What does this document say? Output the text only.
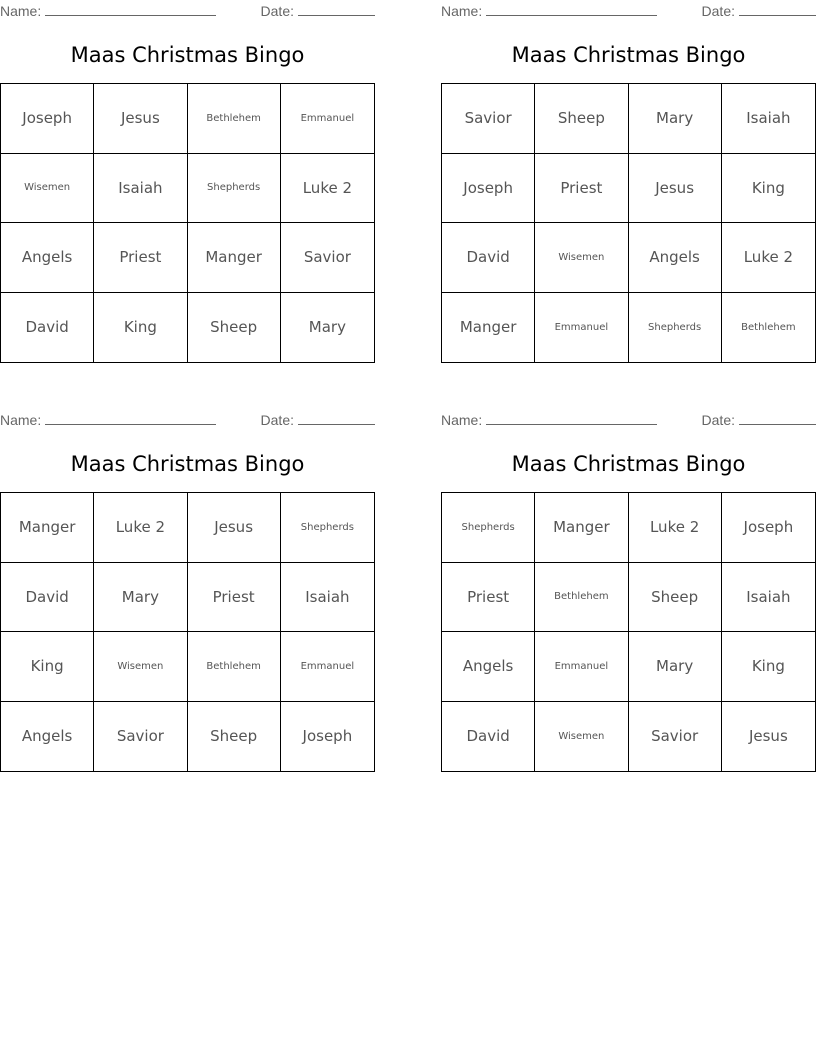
Name:	Date:
Maas Christmas Bingo
Joseph	Jesus	Bethlehem	Emmanuel
Wisemen	Isaiah	Shepherds	Luke 2
Angels	Priest	Manger	Savior
David	King	Sheep	Mary
Name:	Date:
Maas Christmas Bingo
Savior	Sheep	Mary	Isaiah
Joseph	Priest	Jesus	King
David	Wisemen	Angels	Luke 2
Manger	Emmanuel	Shepherds	Bethlehem
Name:	Date:
Maas Christmas Bingo
Manger	Luke 2	Jesus	Shepherds
David	Mary	Priest	Isaiah
King	Wisemen	Bethlehem	Emmanuel
Angels	Savior	Sheep	Joseph
Name:	Date:
Maas Christmas Bingo
Shepherds	Manger	Luke 2	Joseph
Priest	Bethlehem	Sheep	Isaiah
Angels	Emmanuel	Mary	King
David	Wisemen	Savior	Jesus
